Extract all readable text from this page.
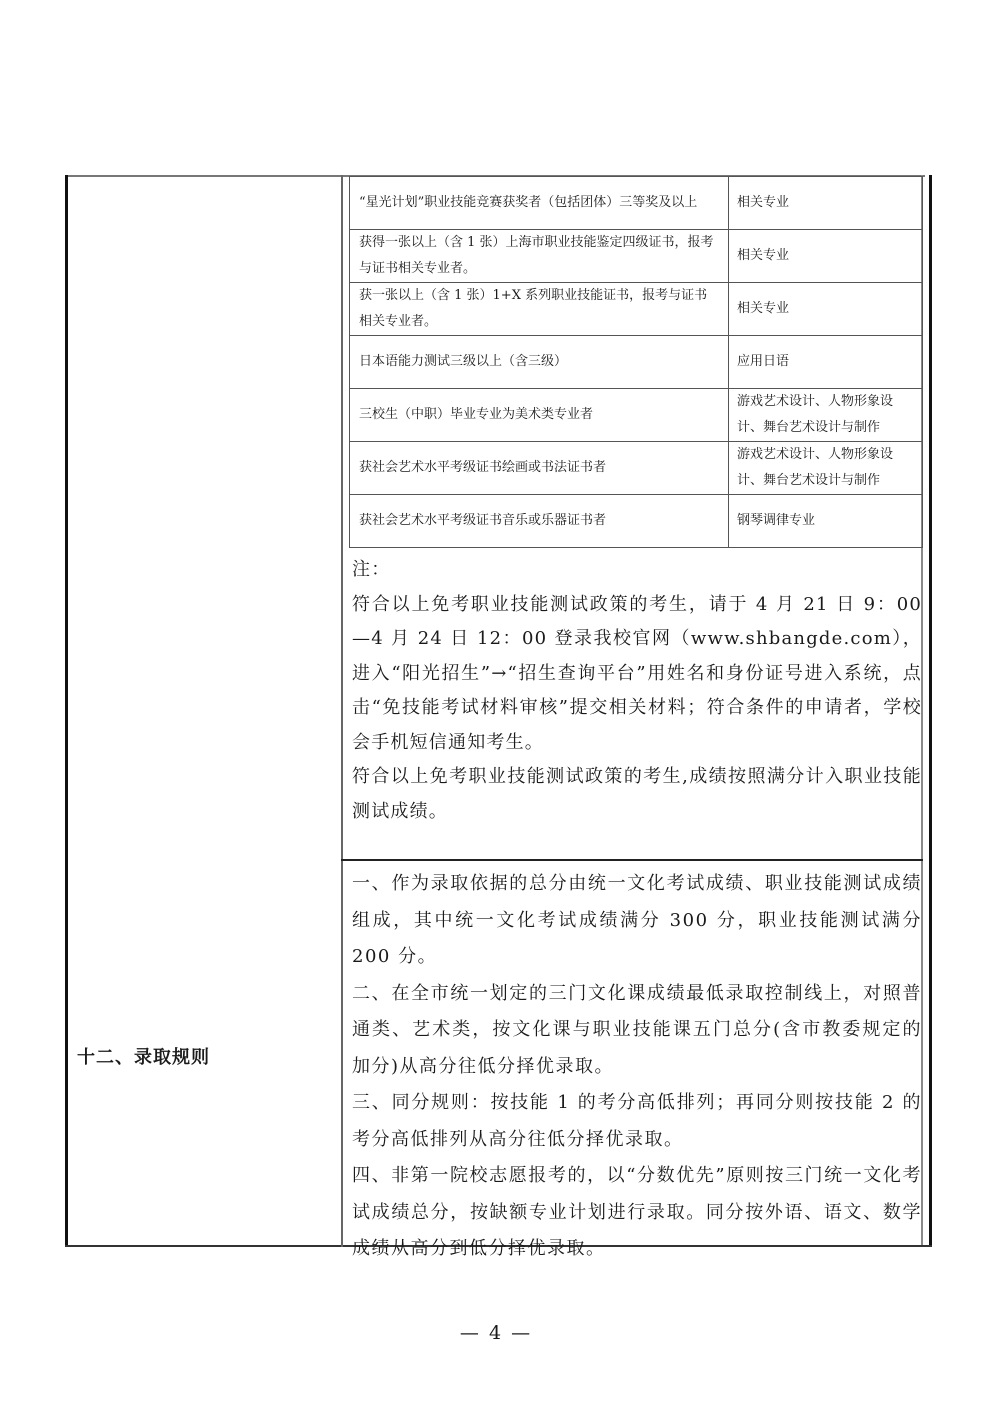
“星光计划”职业技能竞赛获奖者（包括团体）三等奖及以上	相关专业
获得一张以上（含 1 张）上海市职业技能鉴定四级证书，报考与证书相关专业者。	相关专业
获一张以上（含 1 张）1+X 系列职业技能证书，报考与证书相关专业者。	相关专业
日本语能力测试三级以上（含三级）	应用日语
三校生（中职）毕业专业为美术类专业者	游戏艺术设计、人物形象设计、舞台艺术设计与制作
获社会艺术水平考级证书绘画或书法证书者	游戏艺术设计、人物形象设计、舞台艺术设计与制作
获社会艺术水平考级证书音乐或乐器证书者	钢琴调律专业

注：

符合以上免考职业技能测试政策的考生，请于 4 月 21 日 9：00—4 月 24 日 12：00 登录我校官网（www.shbangde.com），进入“阳光招生”→“招生查询平台”用姓名和身份证号进入系统，点击“免技能考试材料审核”提交相关材料；符合条件的申请者，学校会手机短信通知考生。

符合以上免考职业技能测试政策的考生,成绩按照满分计入职业技能测试成绩。

十二、录取规则

一、作为录取依据的总分由统一文化考试成绩、职业技能测试成绩组成，其中统一文化考试成绩满分 300 分，职业技能测试满分 200 分。

二、在全市统一划定的三门文化课成绩最低录取控制线上，对照普通类、艺术类，按文化课与职业技能课五门总分(含市教委规定的加分)从高分往低分择优录取。

三、同分规则：按技能 1 的考分高低排列；再同分则按技能 2 的考分高低排列从高分往低分择优录取。

四、非第一院校志愿报考的，以“分数优先”原则按三门统一文化考试成绩总分，按缺额专业计划进行录取。同分按外语、语文、数学成绩从高分到低分择优录取。

— 4 —
